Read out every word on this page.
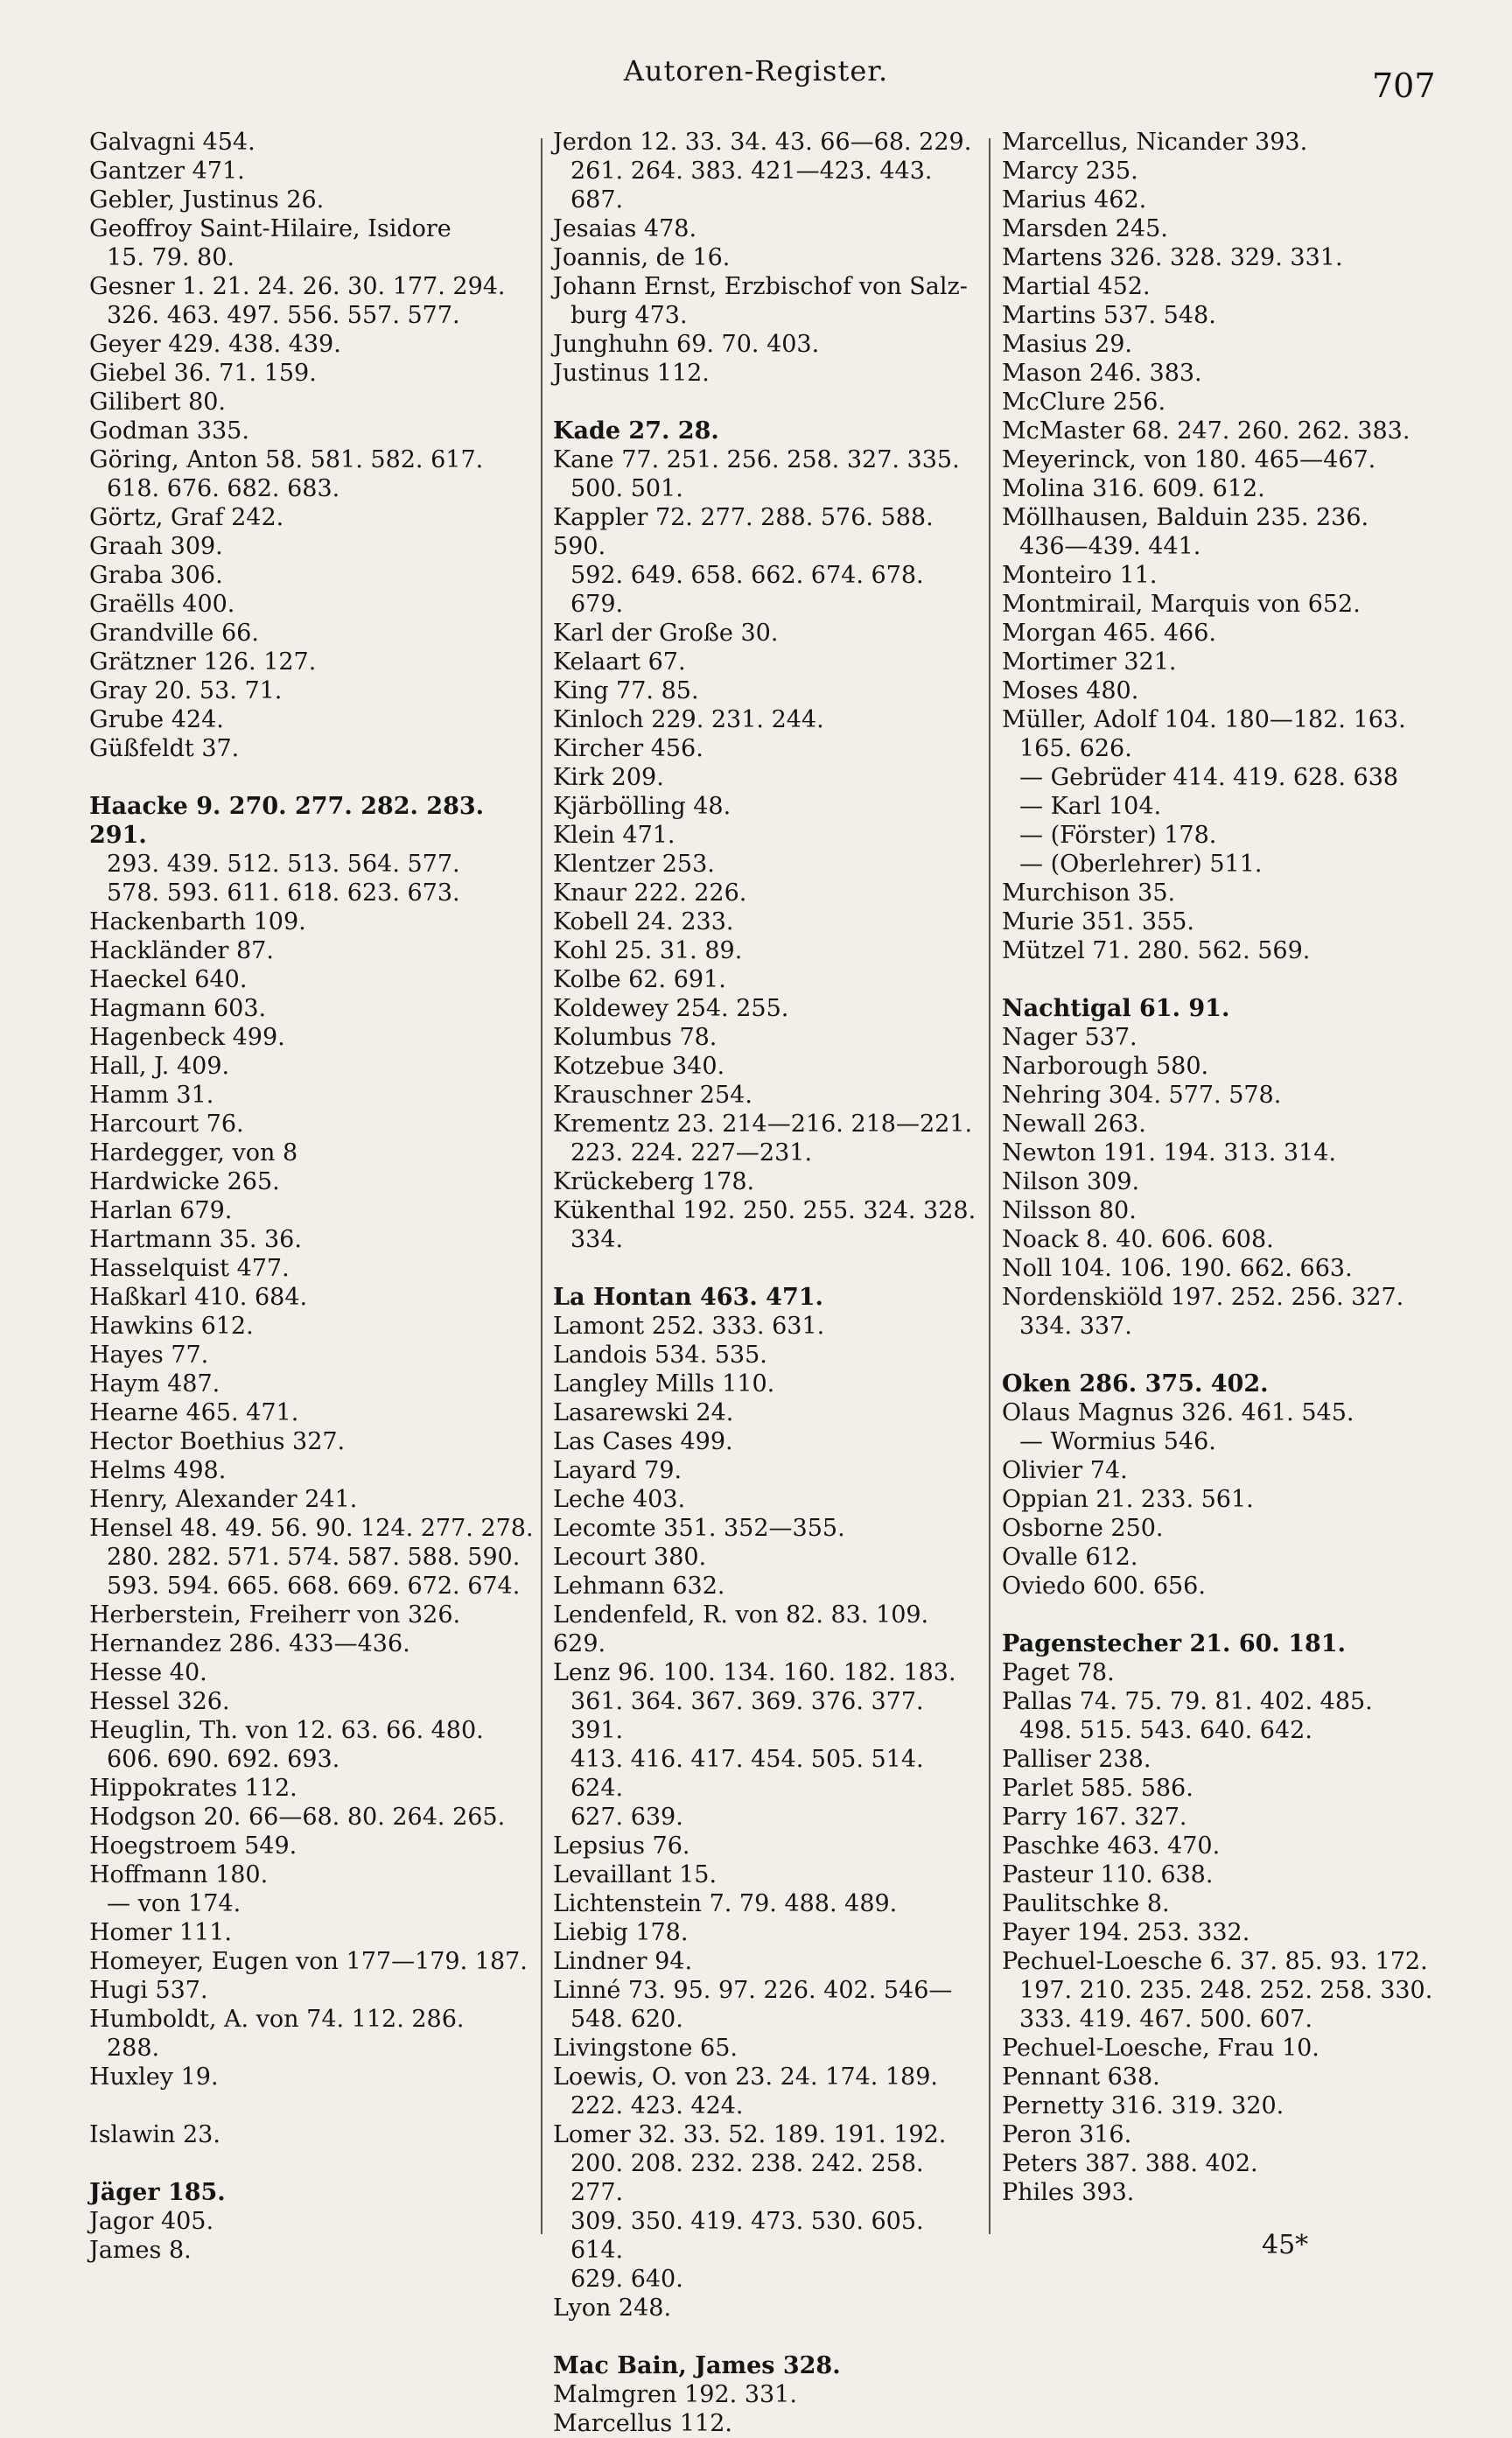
Autoren-Register.	707
Galvagni 454.
Gantzer 471.
Gebler, Justinus 26.
Geoffroy Saint-Hilaire, Isidore
15. 79. 80.
Gesner 1. 21. 24. 26. 30. 177. 294.
326. 463. 497. 556. 557. 577.
Geyer 429. 438. 439.
Giebel 36. 71. 159.
Gilibert 80.
Godman 335.
Göring, Anton 58. 581. 582. 617.
618. 676. 682. 683.
Görtz, Graf 242.
Graah 309.
Graba 306.
Graëlls 400.
Grandville 66.
Grätzner 126. 127.
Gray 20. 53. 71.
Grube 424.
Güßfeldt 37.
Haacke 9. 270. 277. 282. 283. 291.
293. 439. 512. 513. 564. 577.
578. 593. 611. 618. 623. 673.
Hackenbarth 109.
Hackländer 87.
Haeckel 640.
Hagmann 603.
Hagenbeck 499.
Hall, J. 409.
Hamm 31.
Harcourt 76.
Hardegger, von 8
Hardwicke 265.
Harlan 679.
Hartmann 35. 36.
Hasselquist 477.
Haßkarl 410. 684.
Hawkins 612.
Hayes 77.
Haym 487.
Hearne 465. 471.
Hector Boethius 327.
Helms 498.
Henry, Alexander 241.
Hensel 48. 49. 56. 90. 124. 277. 278.
280. 282. 571. 574. 587. 588. 590.
593. 594. 665. 668. 669. 672. 674.
Herberstein, Freiherr von 326.
Hernandez 286. 433—436.
Hesse 40.
Hessel 326.
Heuglin, Th. von 12. 63. 66. 480.
606. 690. 692. 693.
Hippokrates 112.
Hodgson 20. 66—68. 80. 264. 265.
Hoegstroem 549.
Hoffmann 180.
— von 174.
Homer 111.
Homeyer, Eugen von 177—179. 187.
Hugi 537.
Humboldt, A. von 74. 112. 286.
288.
Huxley 19.
Islawin 23.
Jäger 185.
Jagor 405.
James 8.
Jerdon 12. 33. 34. 43. 66—68. 229.
261. 264. 383. 421—423. 443.
687.
Jesaias 478.
Joannis, de 16.
Johann Ernst, Erzbischof von Salz-
burg 473.
Junghuhn 69. 70. 403.
Justinus 112.
Kade 27. 28.
Kane 77. 251. 256. 258. 327. 335.
500. 501.
Kappler 72. 277. 288. 576. 588. 590.
592. 649. 658. 662. 674. 678. 679.
Karl der Große 30.
Kelaart 67.
King 77. 85.
Kinloch 229. 231. 244.
Kircher 456.
Kirk 209.
Kjärbölling 48.
Klein 471.
Klentzer 253.
Knaur 222. 226.
Kobell 24. 233.
Kohl 25. 31. 89.
Kolbe 62. 691.
Koldewey 254. 255.
Kolumbus 78.
Kotzebue 340.
Krauschner 254.
Krementz 23. 214—216. 218—221.
223. 224. 227—231.
Krückeberg 178.
Kükenthal 192. 250. 255. 324. 328.
334.
La Hontan 463. 471.
Lamont 252. 333. 631.
Landois 534. 535.
Langley Mills 110.
Lasarewski 24.
Las Cases 499.
Layard 79.
Leche 403.
Lecomte 351. 352—355.
Lecourt 380.
Lehmann 632.
Lendenfeld, R. von 82. 83. 109. 629.
Lenz 96. 100. 134. 160. 182. 183.
361. 364. 367. 369. 376. 377. 391.
413. 416. 417. 454. 505. 514. 624.
627. 639.
Lepsius 76.
Levaillant 15.
Lichtenstein 7. 79. 488. 489.
Liebig 178.
Lindner 94.
Linné 73. 95. 97. 226. 402. 546—
548. 620.
Livingstone 65.
Loewis, O. von 23. 24. 174. 189.
222. 423. 424.
Lomer 32. 33. 52. 189. 191. 192.
200. 208. 232. 238. 242. 258. 277.
309. 350. 419. 473. 530. 605. 614.
629. 640.
Lyon 248.
Mac Bain, James 328.
Malmgren 192. 331.
Marcellus 112.
Marcellus, Nicander 393.
Marcy 235.
Marius 462.
Marsden 245.
Martens 326. 328. 329. 331.
Martial 452.
Martins 537. 548.
Masius 29.
Mason 246. 383.
McClure 256.
McMaster 68. 247. 260. 262. 383.
Meyerinck, von 180. 465—467.
Molina 316. 609. 612.
Möllhausen, Balduin 235. 236.
436—439. 441.
Monteiro 11.
Montmirail, Marquis von 652.
Morgan 465. 466.
Mortimer 321.
Moses 480.
Müller, Adolf 104. 180—182. 163.
165. 626.
— Gebrüder 414. 419. 628. 638
— Karl 104.
— (Förster) 178.
— (Oberlehrer) 511.
Murchison 35.
Murie 351. 355.
Mützel 71. 280. 562. 569.
Nachtigal 61. 91.
Nager 537.
Narborough 580.
Nehring 304. 577. 578.
Newall 263.
Newton 191. 194. 313. 314.
Nilson 309.
Nilsson 80.
Noack 8. 40. 606. 608.
Noll 104. 106. 190. 662. 663.
Nordenskiöld 197. 252. 256. 327.
334. 337.
Oken 286. 375. 402.
Olaus Magnus 326. 461. 545.
— Wormius 546.
Olivier 74.
Oppian 21. 233. 561.
Osborne 250.
Ovalle 612.
Oviedo 600. 656.
Pagenstecher 21. 60. 181.
Paget 78.
Pallas 74. 75. 79. 81. 402. 485.
498. 515. 543. 640. 642.
Palliser 238.
Parlet 585. 586.
Parry 167. 327.
Paschke 463. 470.
Pasteur 110. 638.
Paulitschke 8.
Payer 194. 253. 332.
Pechuel-Loesche 6. 37. 85. 93. 172.
197. 210. 235. 248. 252. 258. 330.
333. 419. 467. 500. 607.
Pechuel-Loesche, Frau 10.
Pennant 638.
Pernetty 316. 319. 320.
Peron 316.
Peters 387. 388. 402.
Philes 393.
45*
